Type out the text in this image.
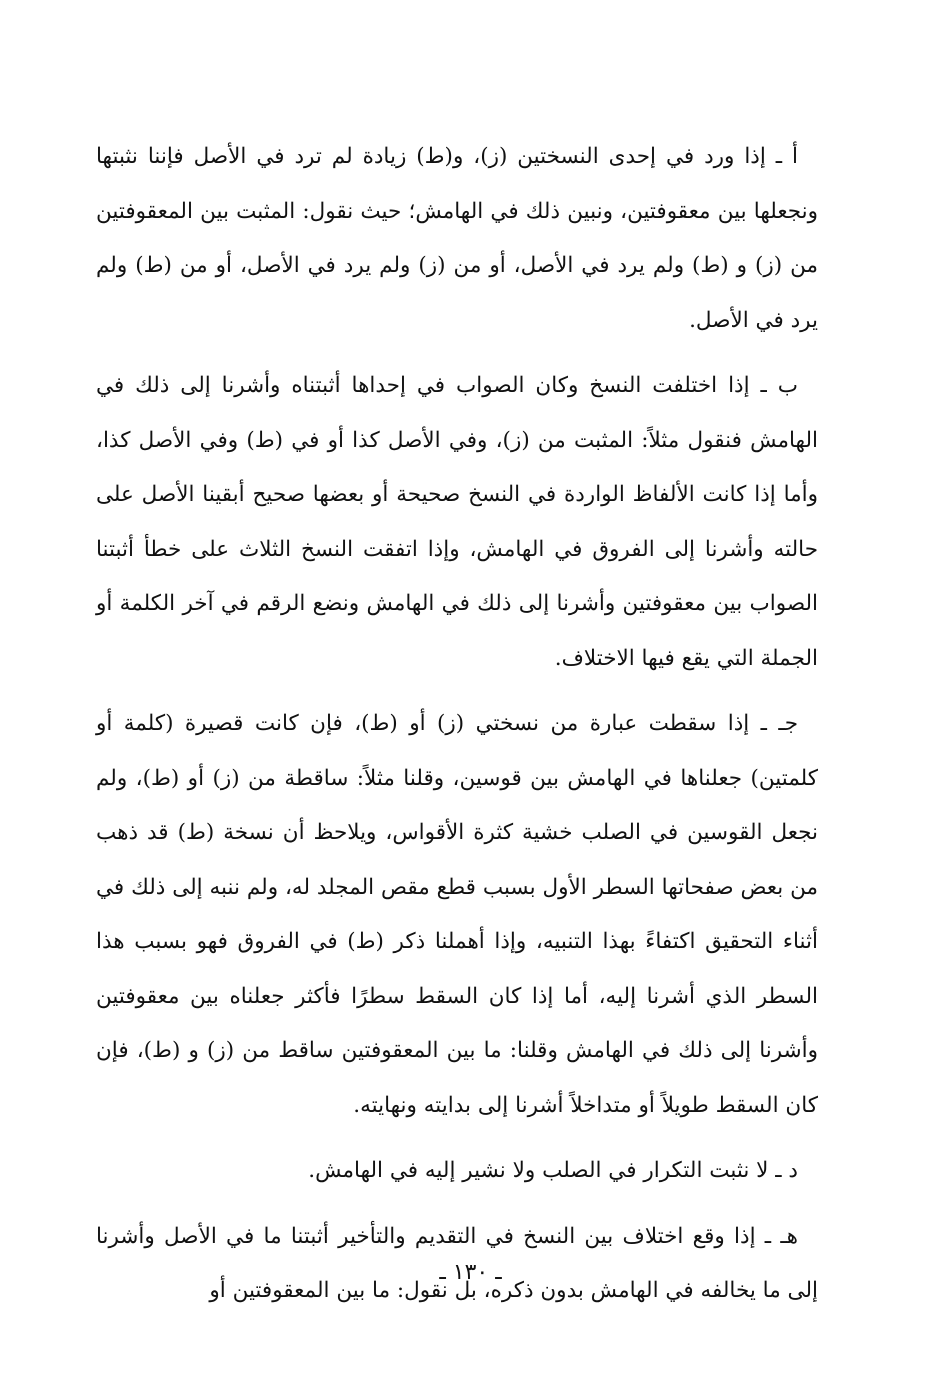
أ ـ إذا ورد في إحدى النسختين (ز)، و(ط) زيادة لم ترد في الأصل فإننا نثبتها ونجعلها بين معقوفتين، ونبين ذلك في الهامش؛ حيث نقول: المثبت بين المعقوفتين من (ز) و (ط) ولم يرد في الأصل، أو من (ز) ولم يرد في الأصل، أو من (ط) ولم يرد في الأصل.

ب ـ إذا اختلفت النسخ وكان الصواب في إحداها أثبتناه وأشرنا إلى ذلك في الهامش فنقول مثلاً: المثبت من (ز)، وفي الأصل كذا أو في (ط) وفي الأصل كذا، وأما إذا كانت الألفاظ الواردة في النسخ صحيحة أو بعضها صحيح أبقينا الأصل على حالته وأشرنا إلى الفروق في الهامش، وإذا اتفقت النسخ الثلاث على خطأ أثبتنا الصواب بين معقوفتين وأشرنا إلى ذلك في الهامش ونضع الرقم في آخر الكلمة أو الجملة التي يقع فيها الاختلاف.

جـ ـ إذا سقطت عبارة من نسختي (ز) أو (ط)، فإن كانت قصيرة (كلمة أو كلمتين) جعلناها في الهامش بين قوسين، وقلنا مثلاً: ساقطة من (ز) أو (ط)، ولم نجعل القوسين في الصلب خشية كثرة الأقواس، ويلاحظ أن نسخة (ط) قد ذهب من بعض صفحاتها السطر الأول بسبب قطع مقص المجلد له، ولم ننبه إلى ذلك في أثناء التحقيق اكتفاءً بهذا التنبيه، وإذا أهملنا ذكر (ط) في الفروق فهو بسبب هذا السطر الذي أشرنا إليه، أما إذا كان السقط سطرًا فأكثر جعلناه بين معقوفتين وأشرنا إلى ذلك في الهامش وقلنا: ما بين المعقوفتين ساقط من (ز) و (ط)، فإن كان السقط طويلاً أو متداخلاً أشرنا إلى بدايته ونهايته.

د ـ لا نثبت التكرار في الصلب ولا نشير إليه في الهامش.

هـ ـ إذا وقع اختلاف بين النسخ في التقديم والتأخير أثبتنا ما في الأصل وأشرنا إلى ما يخالفه في الهامش بدون ذكره، بل نقول: ما بين المعقوفتين أو

ـ ١٣٠ ـ
